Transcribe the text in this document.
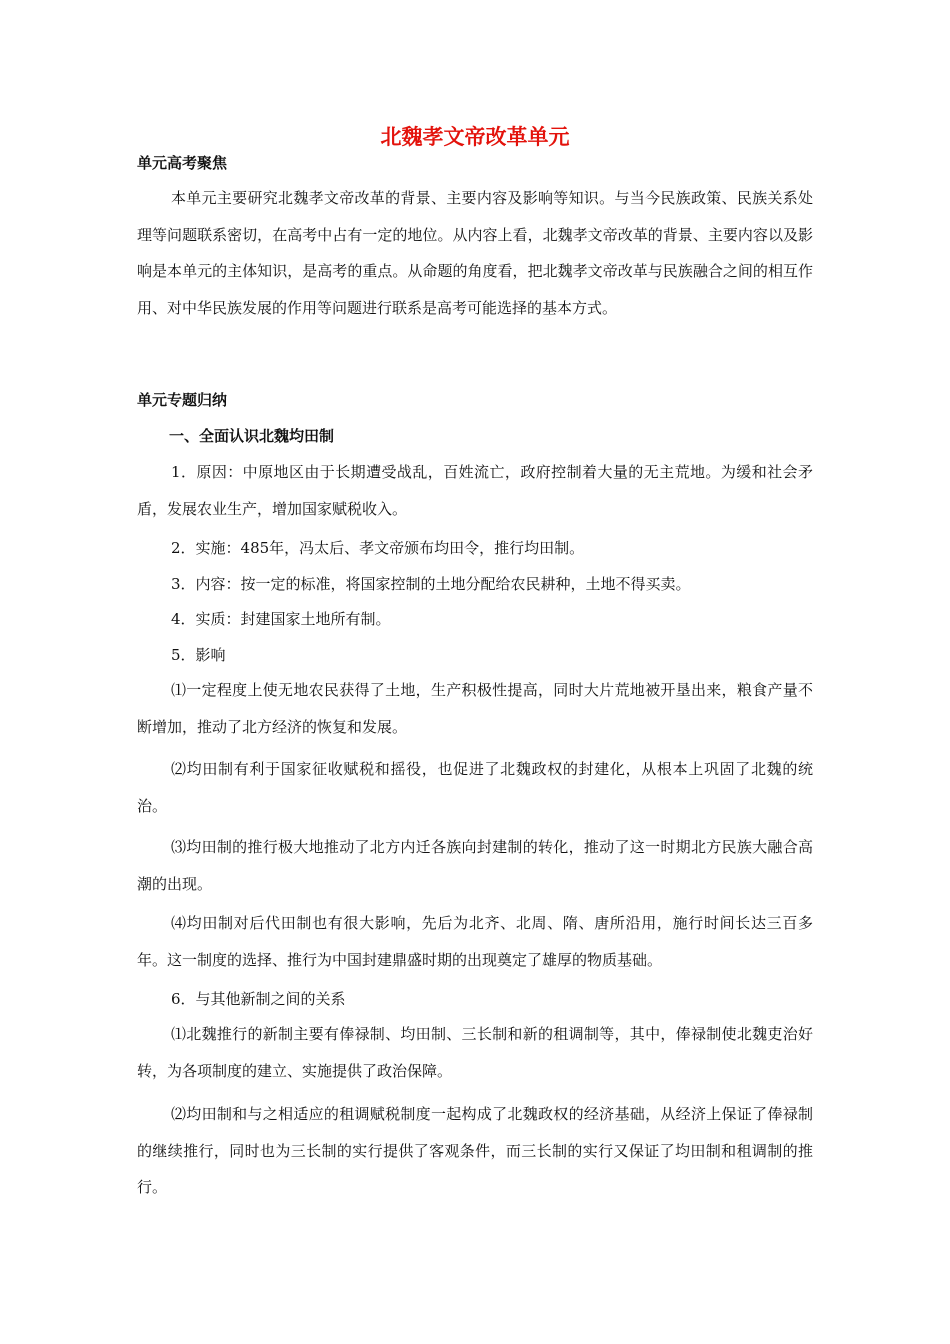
北魏孝文帝改革单元
单元高考聚焦

本单元主要研究北魏孝文帝改革的背景、主要内容及影响等知识。与当今民族政策、民族关系处理等问题联系密切，在高考中占有一定的地位。从内容上看，北魏孝文帝改革的背景、主要内容以及影响是本单元的主体知识，是高考的重点。从命题的角度看，把北魏孝文帝改革与民族融合之间的相互作用、对中华民族发展的作用等问题进行联系是高考可能选择的基本方式。

单元专题归纳
一、全面认识北魏均田制

1．原因：中原地区由于长期遭受战乱，百姓流亡，政府控制着大量的无主荒地。为缓和社会矛盾，发展农业生产，增加国家赋税收入。

2．实施：485年，冯太后、孝文帝颁布均田令，推行均田制。
3．内容：按一定的标准，将国家控制的土地分配给农民耕种，土地不得买卖。
4．实质：封建国家土地所有制。
5．影响

⑴一定程度上使无地农民获得了土地，生产积极性提高，同时大片荒地被开垦出来，粮食产量不断增加，推动了北方经济的恢复和发展。

⑵均田制有利于国家征收赋税和摇役，也促进了北魏政权的封建化，从根本上巩固了北魏的统治。

⑶均田制的推行极大地推动了北方内迁各族向封建制的转化，推动了这一时期北方民族大融合高潮的出现。

⑷均田制对后代田制也有很大影响，先后为北齐、北周、隋、唐所沿用，施行时间长达三百多年。这一制度的选择、推行为中国封建鼎盛时期的出现奠定了雄厚的物质基础。

6．与其他新制之间的关系

⑴北魏推行的新制主要有俸禄制、均田制、三长制和新的租调制等，其中，俸禄制使北魏吏治好转，为各项制度的建立、实施提供了政治保障。

⑵均田制和与之相适应的租调赋税制度一起构成了北魏政权的经济基础，从经济上保证了俸禄制的继续推行，同时也为三长制的实行提供了客观条件，而三长制的实行又保证了均田制和租调制的推行。
